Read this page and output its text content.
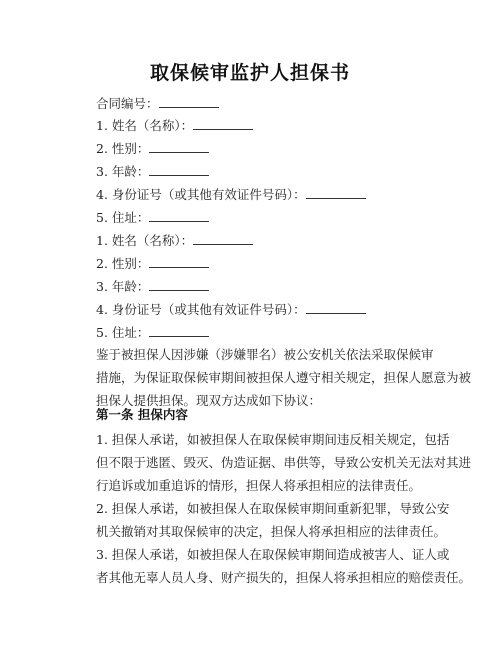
取保候审监护人担保书
合同编号：
1. 姓名（名称）：
2. 性别：
3. 年龄：
4. 身份证号（或其他有效证件号码）：
5. 住址：
1. 姓名（名称）：
2. 性别：
3. 年龄：
4. 身份证号（或其他有效证件号码）：
5. 住址：
鉴于被担保人因涉嫌（涉嫌罪名）被公安机关依法采取保候审
措施，为保证取保候审期间被担保人遵守相关规定，担保人愿意为被
担保人提供担保。现双方达成如下协议：
第一条 担保内容
1. 担保人承诺，如被担保人在取保候审期间违反相关规定，包括
但不限于逃匿、毁灭、伪造证据、串供等，导致公安机关无法对其进
行追诉或加重追诉的情形，担保人将承担相应的法律责任。
2. 担保人承诺，如被担保人在取保候审期间重新犯罪，导致公安
机关撤销对其取保候审的决定，担保人将承担相应的法律责任。
3. 担保人承诺，如被担保人在取保候审期间造成被害人、证人或
者其他无辜人员人身、财产损失的，担保人将承担相应的赔偿责任。
